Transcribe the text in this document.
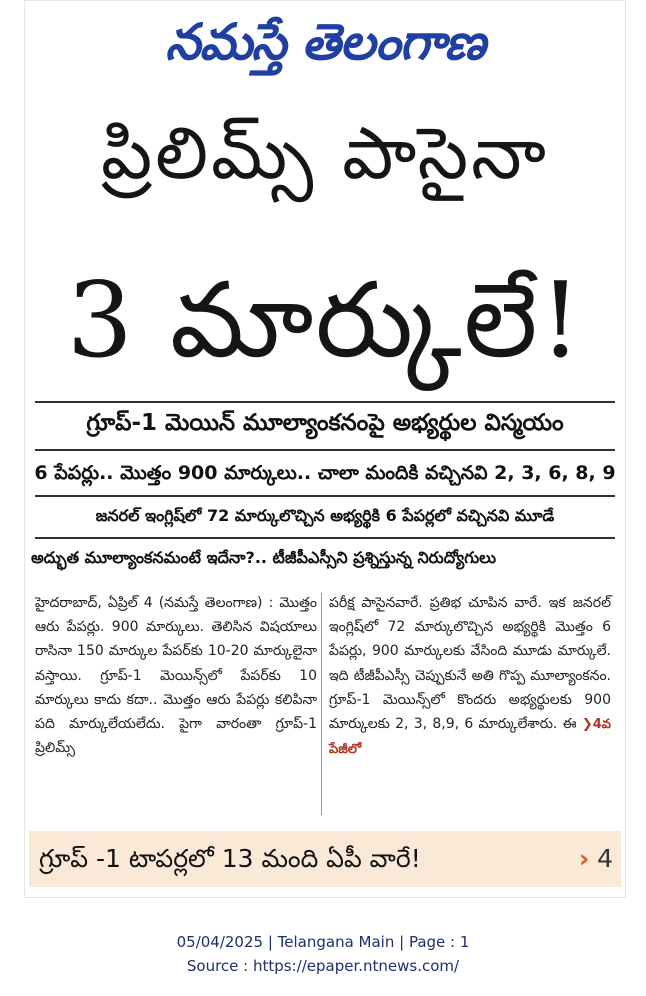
నమస్తే తెలంగాణ
ప్రిలిమ్స్ పాసైనా
3 మార్కులే!
గ్రూప్-1 మెయిన్ మూల్యాంకనంపై అభ్యర్థుల విస్మయం
6 పేపర్లు.. మొత్తం 900 మార్కులు.. చాలా మందికి వచ్చినవి 2, 3, 6, 8, 9
జనరల్ ఇంగ్లిష్‌లో 72 మార్కులొచ్చిన అభ్యర్థికి 6 పేపర్లలో వచ్చినవి మూడే
అద్భుత మూల్యాంకనమంటే ఇదేనా?.. టీజీపీఎస్సీని ప్రశ్నిస్తున్న నిరుద్యోగులు
హైదరాబాద్, ఏప్రిల్ 4 (నమస్తే తెలంగాణ) : మొత్తం ఆరు పేపర్లు. 900 మార్కులు. తెలిసిన విషయాలు రాసినా 150 మార్కుల పేపర్‌కు 10-20 మార్కులైనా వస్తాయి. గ్రూప్-1 మెయిన్స్‌లో పేపర్‌కు 10 మార్కులు కాదు కదా.. మొత్తం ఆరు పేపర్లు కలిపినా పది మార్కులేయలేదు. పైగా వారంతా గ్రూప్-1 ప్రిలిమ్స్
పరీక్ష పాసైనవారే. ప్రతిభ చూపిన వారే. ఇక జనరల్ ఇంగ్లిష్‌లో 72 మార్కులొచ్చిన అభ్యర్థికి మొత్తం 6 పేపర్లు, 900 మార్కులకు వేసింది మూడు మార్కులే. ఇది టీజీపీఎస్సీ చెప్పుకునే అతి గొప్ప మూల్యాంకనం. గ్రూప్-1 మెయిన్స్‌లో కొందరు అభ్యర్థులకు 900 మార్కులకు 2, 3, 8,9, 6 మార్కులేశారు. ఈ ❯4వ పేజీలో
గ్రూప్ -1 టాపర్లలో 13 మంది ఏపీ వారే!	› 4
05/04/2025 | Telangana Main | Page : 1
Source : https://epaper.ntnews.com/
